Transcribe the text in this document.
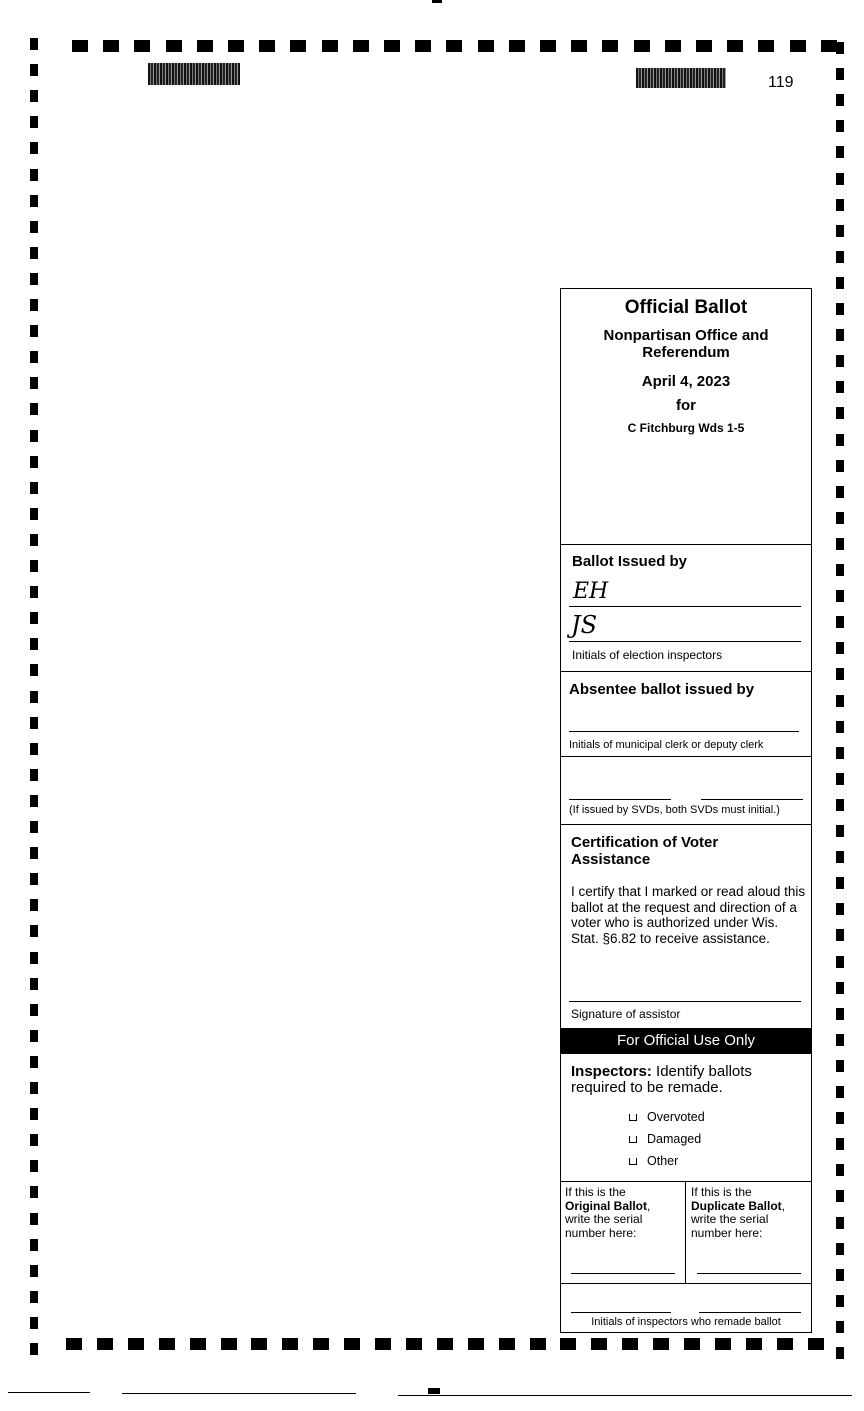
119
Official Ballot
Nonpartisan Office and Referendum
April 4, 2023
for
C Fitchburg Wds 1-5
Ballot Issued by
EH
JS
Initials of election inspectors
Absentee ballot issued by
Initials of municipal clerk or deputy clerk
(If issued by SVDs, both SVDs must initial.)
Certification of Voter Assistance
I certify that I marked or read aloud this ballot at the request and direction of a voter who is authorized under Wis. Stat. §6.82 to receive assistance.
Signature of assistor
For Official Use Only
Inspectors: Identify ballots required to be remade.
Overvoted
Damaged
Other
If this is the
Original Ballot, write the serial number here:
If this is the
Duplicate Ballot, write the serial number here:
Initials of inspectors who remade ballot
